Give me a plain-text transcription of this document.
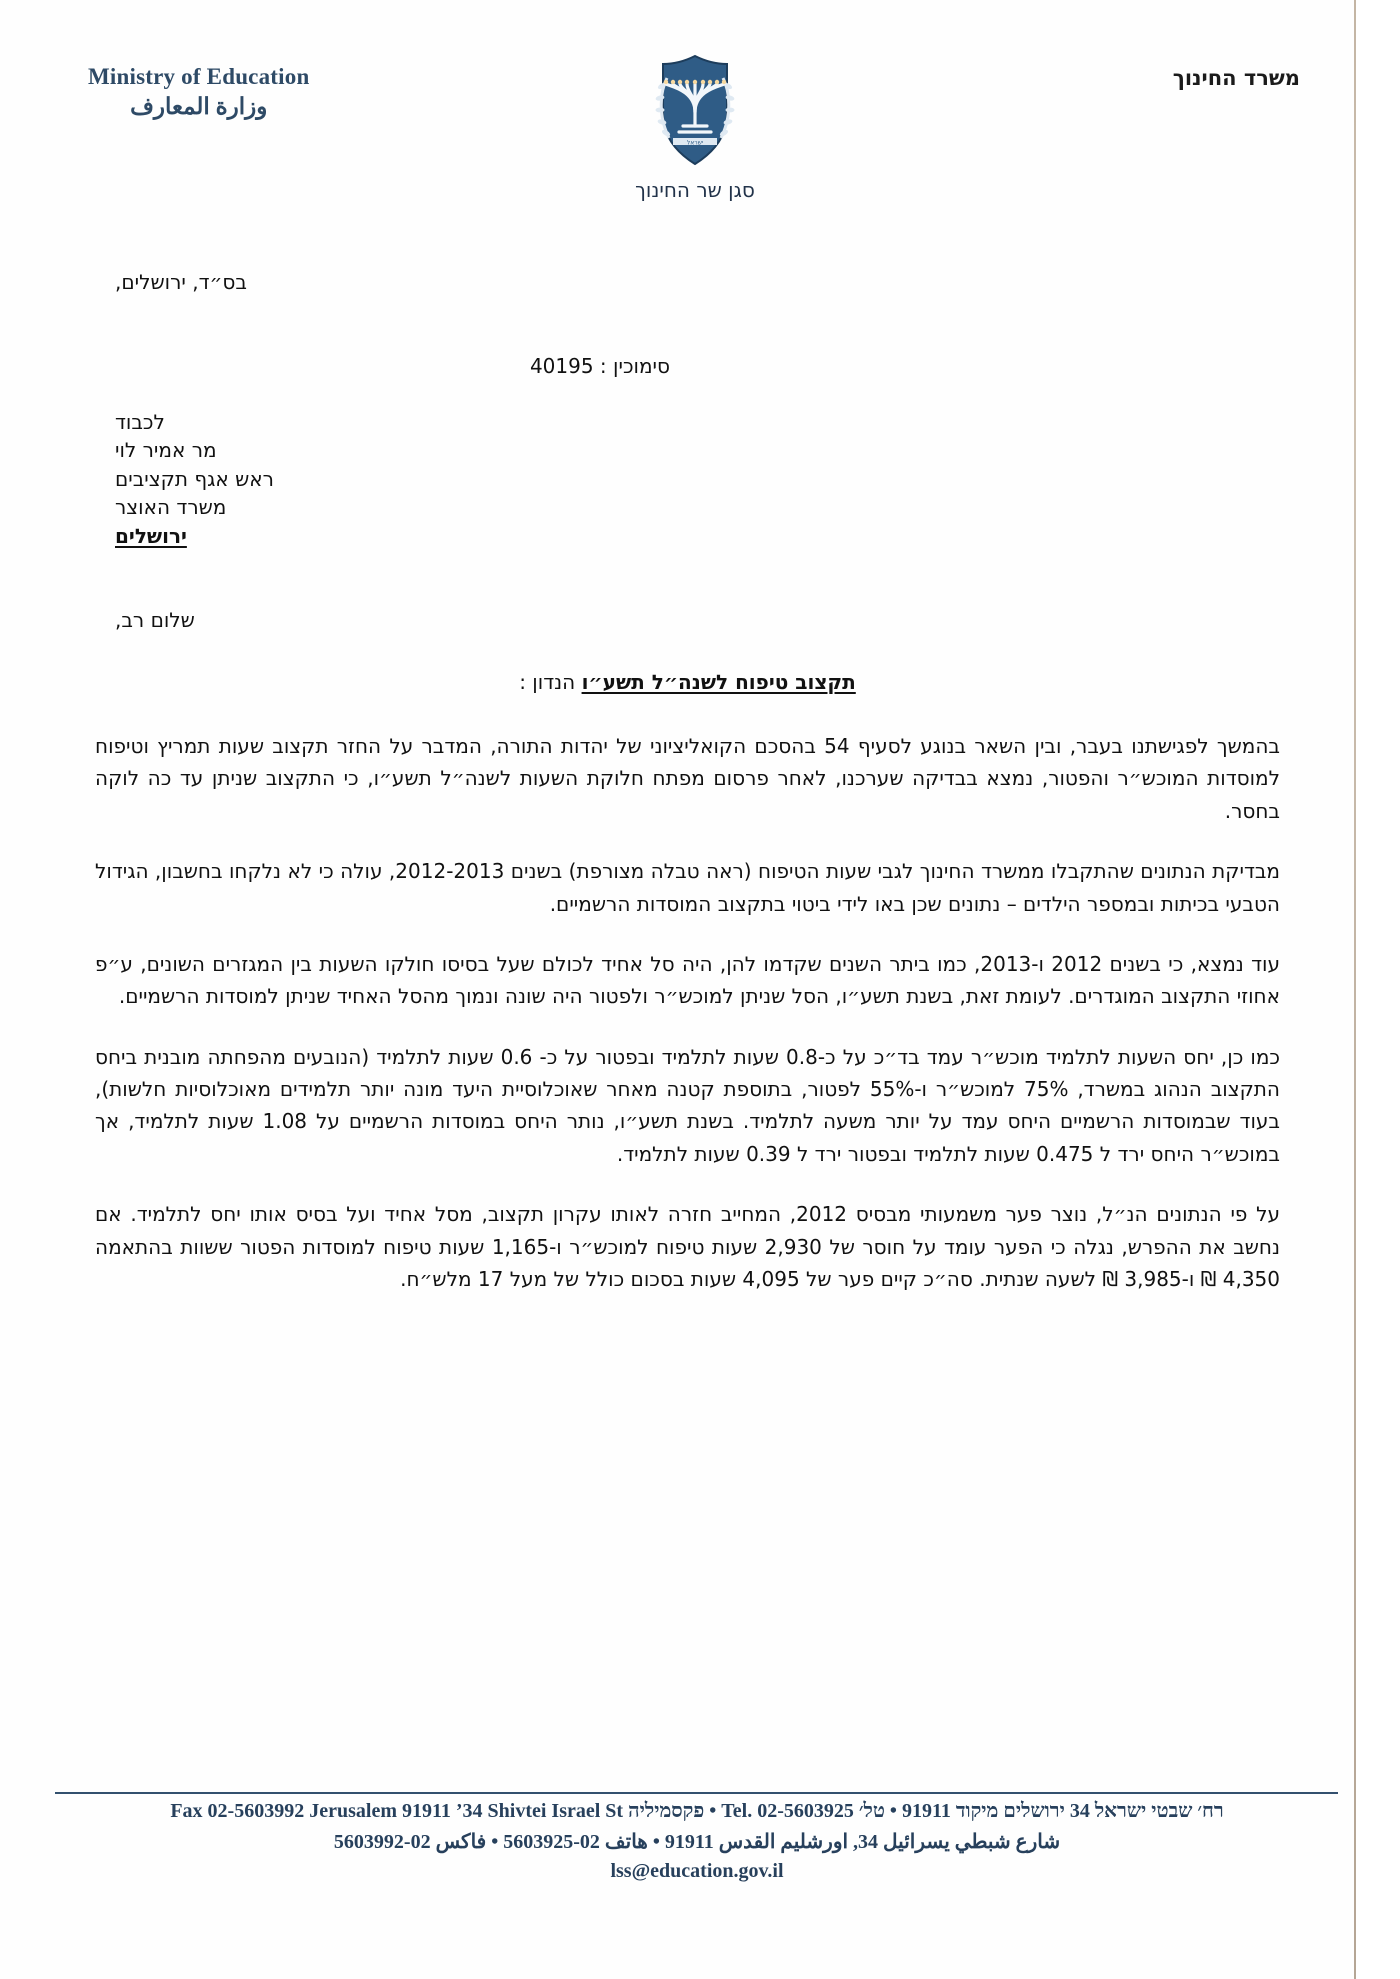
Ministry of Education
وزارة المعارف
ישראל
משרד החינוך
סגן שר החינוך
בס״ד, ירושלים,
סימוכין : 40195
לכבוד
מר אמיר לוי
ראש אגף תקציבים
משרד האוצר
ירושלים
שלום רב,
תקצוב טיפוח לשנה״ל תשע״ו הנדון :

בהמשך לפגישתנו בעבר, ובין השאר בנוגע לסעיף 54 בהסכם הקואליציוני של יהדות התורה, המדבר על החזר תקצוב שעות תמריץ וטיפוח למוסדות המוכש״ר והפטור, נמצא בבדיקה שערכנו, לאחר פרסום מפתח חלוקת השעות לשנה״ל תשע״ו, כי התקצוב שניתן עד כה לוקה בחסר.

מבדיקת הנתונים שהתקבלו ממשרד החינוך לגבי שעות הטיפוח (ראה טבלה מצורפת) בשנים 2012-2013, עולה כי לא נלקחו בחשבון, הגידול הטבעי בכיתות ובמספר הילדים – נתונים שכן באו לידי ביטוי בתקצוב המוסדות הרשמיים.

עוד נמצא, כי בשנים 2012 ו-2013, כמו ביתר השנים שקדמו להן, היה סל אחיד לכולם שעל בסיסו חולקו השעות בין המגזרים השונים, ע״פ אחוזי התקצוב המוגדרים. לעומת זאת, בשנת תשע״ו, הסל שניתן למוכש״ר ולפטור היה שונה ונמוך מהסל האחיד שניתן למוסדות הרשמיים.

כמו כן, יחס השעות לתלמיד מוכש״ר עמד בד״כ על כ-0.8 שעות לתלמיד ובפטור על כ- 0.6 שעות לתלמיד (הנובעים מהפחתה מובנית ביחס התקצוב הנהוג במשרד, 75% למוכש״ר ו-55% לפטור, בתוספת קטנה מאחר שאוכלוסיית היעד מונה יותר תלמידים מאוכלוסיות חלשות), בעוד שבמוסדות הרשמיים היחס עמד על יותר משעה לתלמיד. בשנת תשע״ו, נותר היחס במוסדות הרשמיים על 1.08 שעות לתלמיד, אך במוכש״ר היחס ירד ל 0.475 שעות לתלמיד ובפטור ירד ל 0.39 שעות לתלמיד.

על פי הנתונים הנ״ל, נוצר פער משמעותי מבסיס 2012, המחייב חזרה לאותו עקרון תקצוב, מסל אחיד ועל בסיס אותו יחס לתלמיד. אם נחשב את ההפרש, נגלה כי הפער עומד על חוסר של 2,930 שעות טיפוח למוכש״ר ו-1,165 שעות טיפוח למוסדות הפטור ששוות בהתאמה 4,350 ₪ ו-3,985 ₪ לשעה שנתית. סה״כ קיים פער של 4,095 שעות בסכום כולל של מעל 17 מלש״ח.

רח׳ שבטי ישראל 34 ירושלים מיקוד 91911 • טל׳ Tel. 02-5603925 • פקסמיליה Fax 02-5603992 Jerusalem 91911 ’34 Shivtei Israel St
شارع شبطي يسرائيل 34, اورشليم القدس 91911 • هاتف 02-5603925 • فاكس 02-5603992
lss@education.gov.il
